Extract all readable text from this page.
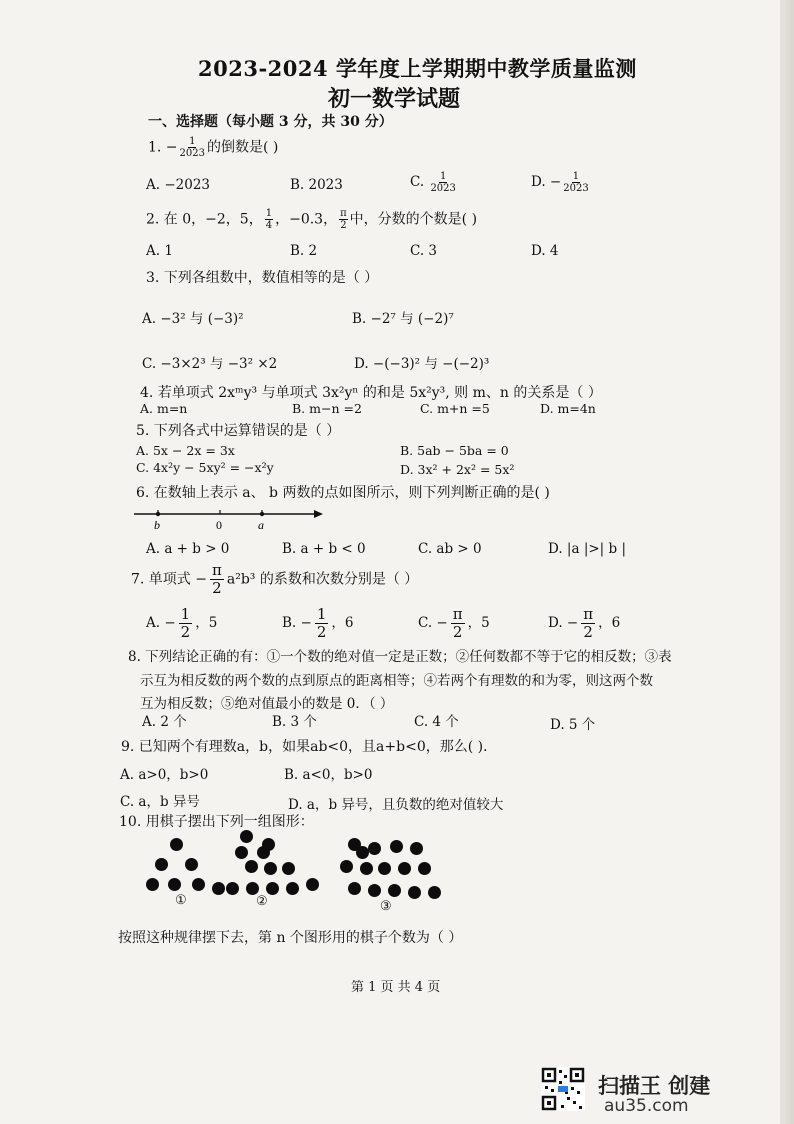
2023-2024 学年度上学期期中教学质量监测
初一数学试题
一、选择题（每小题 3 分，共 30 分）
1. − $\frac{1}{2023}$ 的倒数是( )
A. −2023	B. 2023	C. $\frac{1}{2023}$	D. − $\frac{1}{2023}$
2. 在 0，−2，5， $\frac{1}{4}$ ，−0.3， $\frac{\pi}{2}$ 中，分数的个数是( )
A. 1	B. 2	C. 3	D. 4
3. 下列各组数中，数值相等的是（ ）
A. −3² 与 (−3)²	B. −2⁷ 与 (−2)⁷
C. −3×2³ 与 −3² ×2	D. −(−3)² 与 −(−2)³
4. 若单项式 2xᵐy³ 与单项式 3x²yⁿ 的和是 5x²y³, 则 m、n 的关系是（ ）
A. m=n	B. m−n =2	C. m+n =5	D. m=4n
5. 下列各式中运算错误的是（ ）
A. 5x − 2x = 3x	B. 5ab − 5ba = 0
C. 4x²y − 5xy² = −x²y	D. 3x² + 2x² = 5x²
6. 在数轴上表示 a、 b 两数的点如图所示，则下列判断正确的是( )
b	0	a
A. a + b > 0	B. a + b < 0	C. ab > 0	D. |a |>| b |
7. 单项式 − $\frac{\pi}{2} a^2b^3$ 的系数和次数分别是（ ）
A. − $\frac{1}{2}$ ，5	B. − $\frac{1}{2}$ ，6	C. − $\frac{\pi}{2}$ ，5	D. − $\frac{\pi}{2}$ ，6
8. 下列结论正确的有：①一个数的绝对值一定是正数；②任何数都不等于它的相反数；③表
示互为相反数的两个数的点到原点的距离相等；④若两个有理数的和为零，则这两个数
互为相反数；⑤绝对值最小的数是 0．（ ）
A. 2 个	B. 3 个	C. 4 个	D. 5 个
9. 已知两个有理数a，b，如果ab<0，且a+b<0，那么( )．
A. a>0，b>0	B. a<0，b>0
C. a，b 异号	D. a，b 异号，且负数的绝对值较大
10. 用棋子摆出下列一组图形：
①	②	③
按照这种规律摆下去，第 n 个图形用的棋子个数为（ ）
第 1 页 共 4 页
扫描王 创建
au35.com
